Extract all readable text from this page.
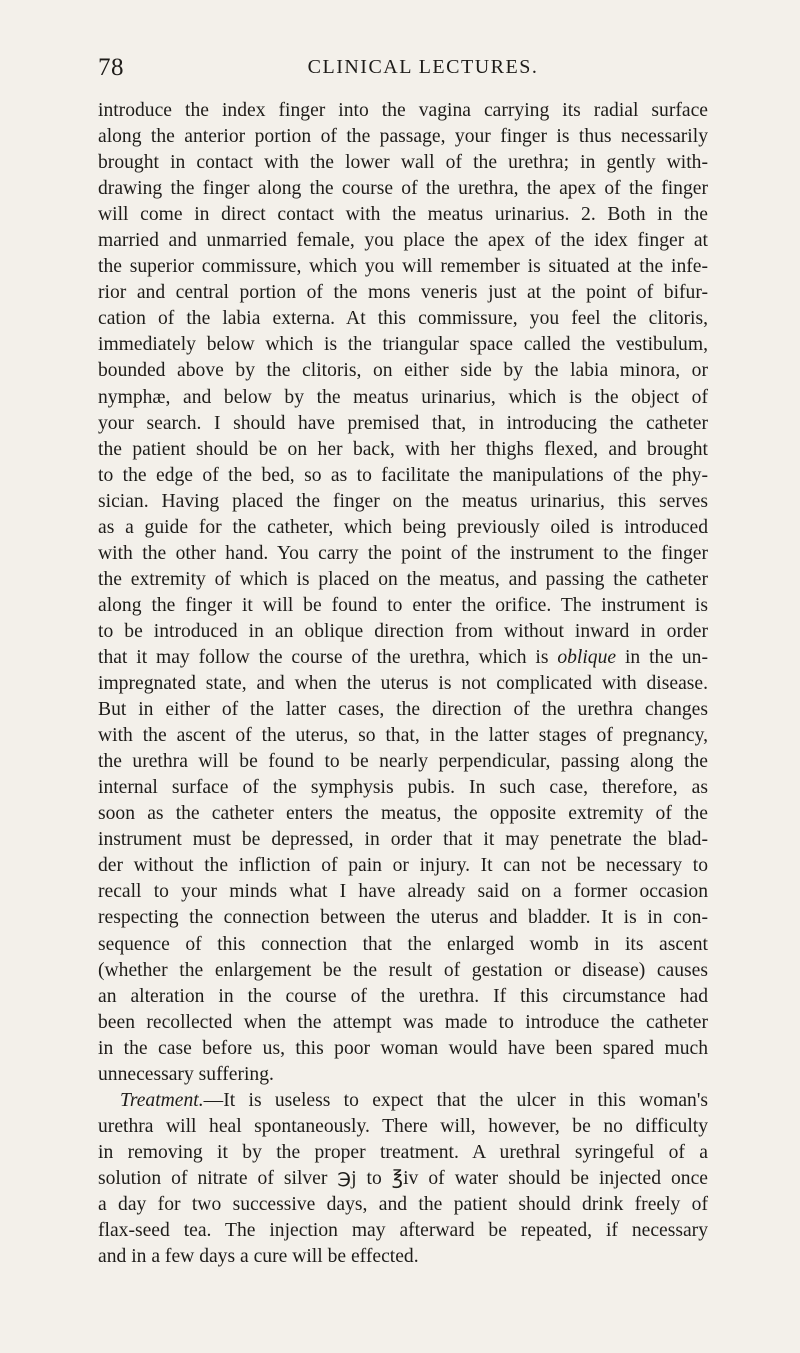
78	CLINICAL LECTURES.
introduce the index finger into the vagina carrying its radial surface
along the anterior portion of the passage, your finger is thus necessarily
brought in contact with the lower wall of the urethra; in gently with-
drawing the finger along the course of the urethra, the apex of the finger
will come in direct contact with the meatus urinarius. 2. Both in the
married and unmarried female, you place the apex of the idex finger at
the superior commissure, which you will remember is situated at the infe-
rior and central portion of the mons veneris just at the point of bifur-
cation of the labia externa. At this commissure, you feel the clitoris,
immediately below which is the triangular space called the vestibulum,
bounded above by the clitoris, on either side by the labia minora, or
nymphæ, and below by the meatus urinarius, which is the object of
your search. I should have premised that, in introducing the catheter
the patient should be on her back, with her thighs flexed, and brought
to the edge of the bed, so as to facilitate the manipulations of the phy-
sician. Having placed the finger on the meatus urinarius, this serves
as a guide for the catheter, which being previously oiled is introduced
with the other hand. You carry the point of the instrument to the finger
the extremity of which is placed on the meatus, and passing the catheter
along the finger it will be found to enter the orifice. The instrument is
to be introduced in an oblique direction from without inward in order
that it may follow the course of the urethra, which is oblique in the un-
impregnated state, and when the uterus is not complicated with disease.
But in either of the latter cases, the direction of the urethra changes
with the ascent of the uterus, so that, in the latter stages of pregnancy,
the urethra will be found to be nearly perpendicular, passing along the
internal surface of the symphysis pubis. In such case, therefore, as
soon as the catheter enters the meatus, the opposite extremity of the
instrument must be depressed, in order that it may penetrate the blad-
der without the infliction of pain or injury. It can not be necessary to
recall to your minds what I have already said on a former occasion
respecting the connection between the uterus and bladder. It is in con-
sequence of this connection that the enlarged womb in its ascent
(whether the enlargement be the result of gestation or disease) causes
an alteration in the course of the urethra. If this circumstance had
been recollected when the attempt was made to introduce the catheter
in the case before us, this poor woman would have been spared much
unnecessary suffering.
Treatment.—It is useless to expect that the ulcer in this woman's
urethra will heal spontaneously. There will, however, be no difficulty
in removing it by the proper treatment. A urethral syringeful of a
solution of nitrate of silver ℈j to ℥iv of water should be injected once
a day for two successive days, and the patient should drink freely of
flax-seed tea. The injection may afterward be repeated, if necessary
and in a few days a cure will be effected.
